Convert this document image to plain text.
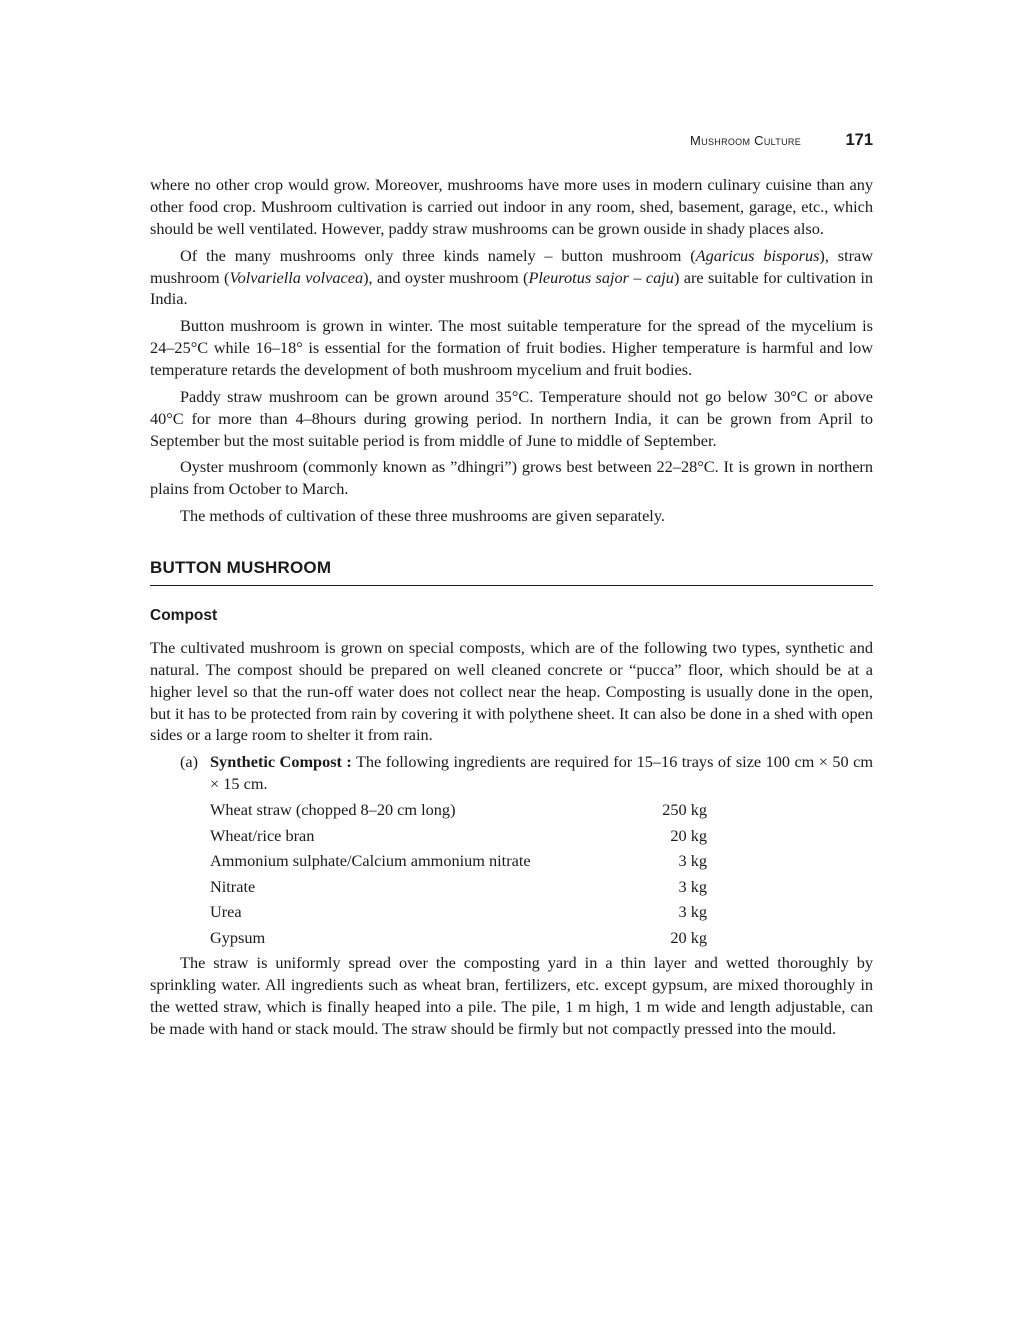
Mushroom Culture	171

where no other crop would grow. Moreover, mushrooms have more uses in modern culinary cuisine than any other food crop. Mushroom cultivation is carried out indoor in any room, shed, basement, garage, etc., which should be well ventilated. However, paddy straw mushrooms can be grown ouside in shady places also.

Of the many mushrooms only three kinds namely – button mushroom (Agaricus bisporus), straw mushroom (Volvariella volvacea), and oyster mushroom (Pleurotus sajor – caju) are suitable for cultivation in India.

Button mushroom is grown in winter. The most suitable temperature for the spread of the mycelium is 24–25°C while 16–18° is essential for the formation of fruit bodies. Higher temperature is harmful and low temperature retards the development of both mushroom mycelium and fruit bodies.

Paddy straw mushroom can be grown around 35°C. Temperature should not go below 30°C or above 40°C for more than 4–8hours during growing period. In northern India, it can be grown from April to September but the most suitable period is from middle of June to middle of September.

Oyster mushroom (commonly known as ”dhingri”) grows best between 22–28°C. It is grown in northern plains from October to March.

The methods of cultivation of these three mushrooms are given separately.

BUTTON MUSHROOM
Compost

The cultivated mushroom is grown on special composts, which are of the following two types, synthetic and natural. The compost should be prepared on well cleaned concrete or “pucca” floor, which should be at a higher level so that the run-off water does not collect near the heap. Composting is usually done in the open, but it has to be protected from rain by covering it with polythene sheet. It can also be done in a shed with open sides or a large room to shelter it from rain.

(a) Synthetic Compost : The following ingredients are required for 15–16 trays of size 100 cm × 50 cm × 15 cm.
Wheat straw (chopped 8–20 cm long)	250 kg
Wheat/rice bran	20 kg
Ammonium sulphate/Calcium ammonium nitrate	3 kg
Nitrate	3 kg
Urea	3 kg
Gypsum	20 kg

The straw is uniformly spread over the composting yard in a thin layer and wetted thoroughly by sprinkling water. All ingredients such as wheat bran, fertilizers, etc. except gypsum, are mixed thoroughly in the wetted straw, which is finally heaped into a pile. The pile, 1 m high, 1 m wide and length adjustable, can be made with hand or stack mould. The straw should be firmly but not compactly pressed into the mould.
